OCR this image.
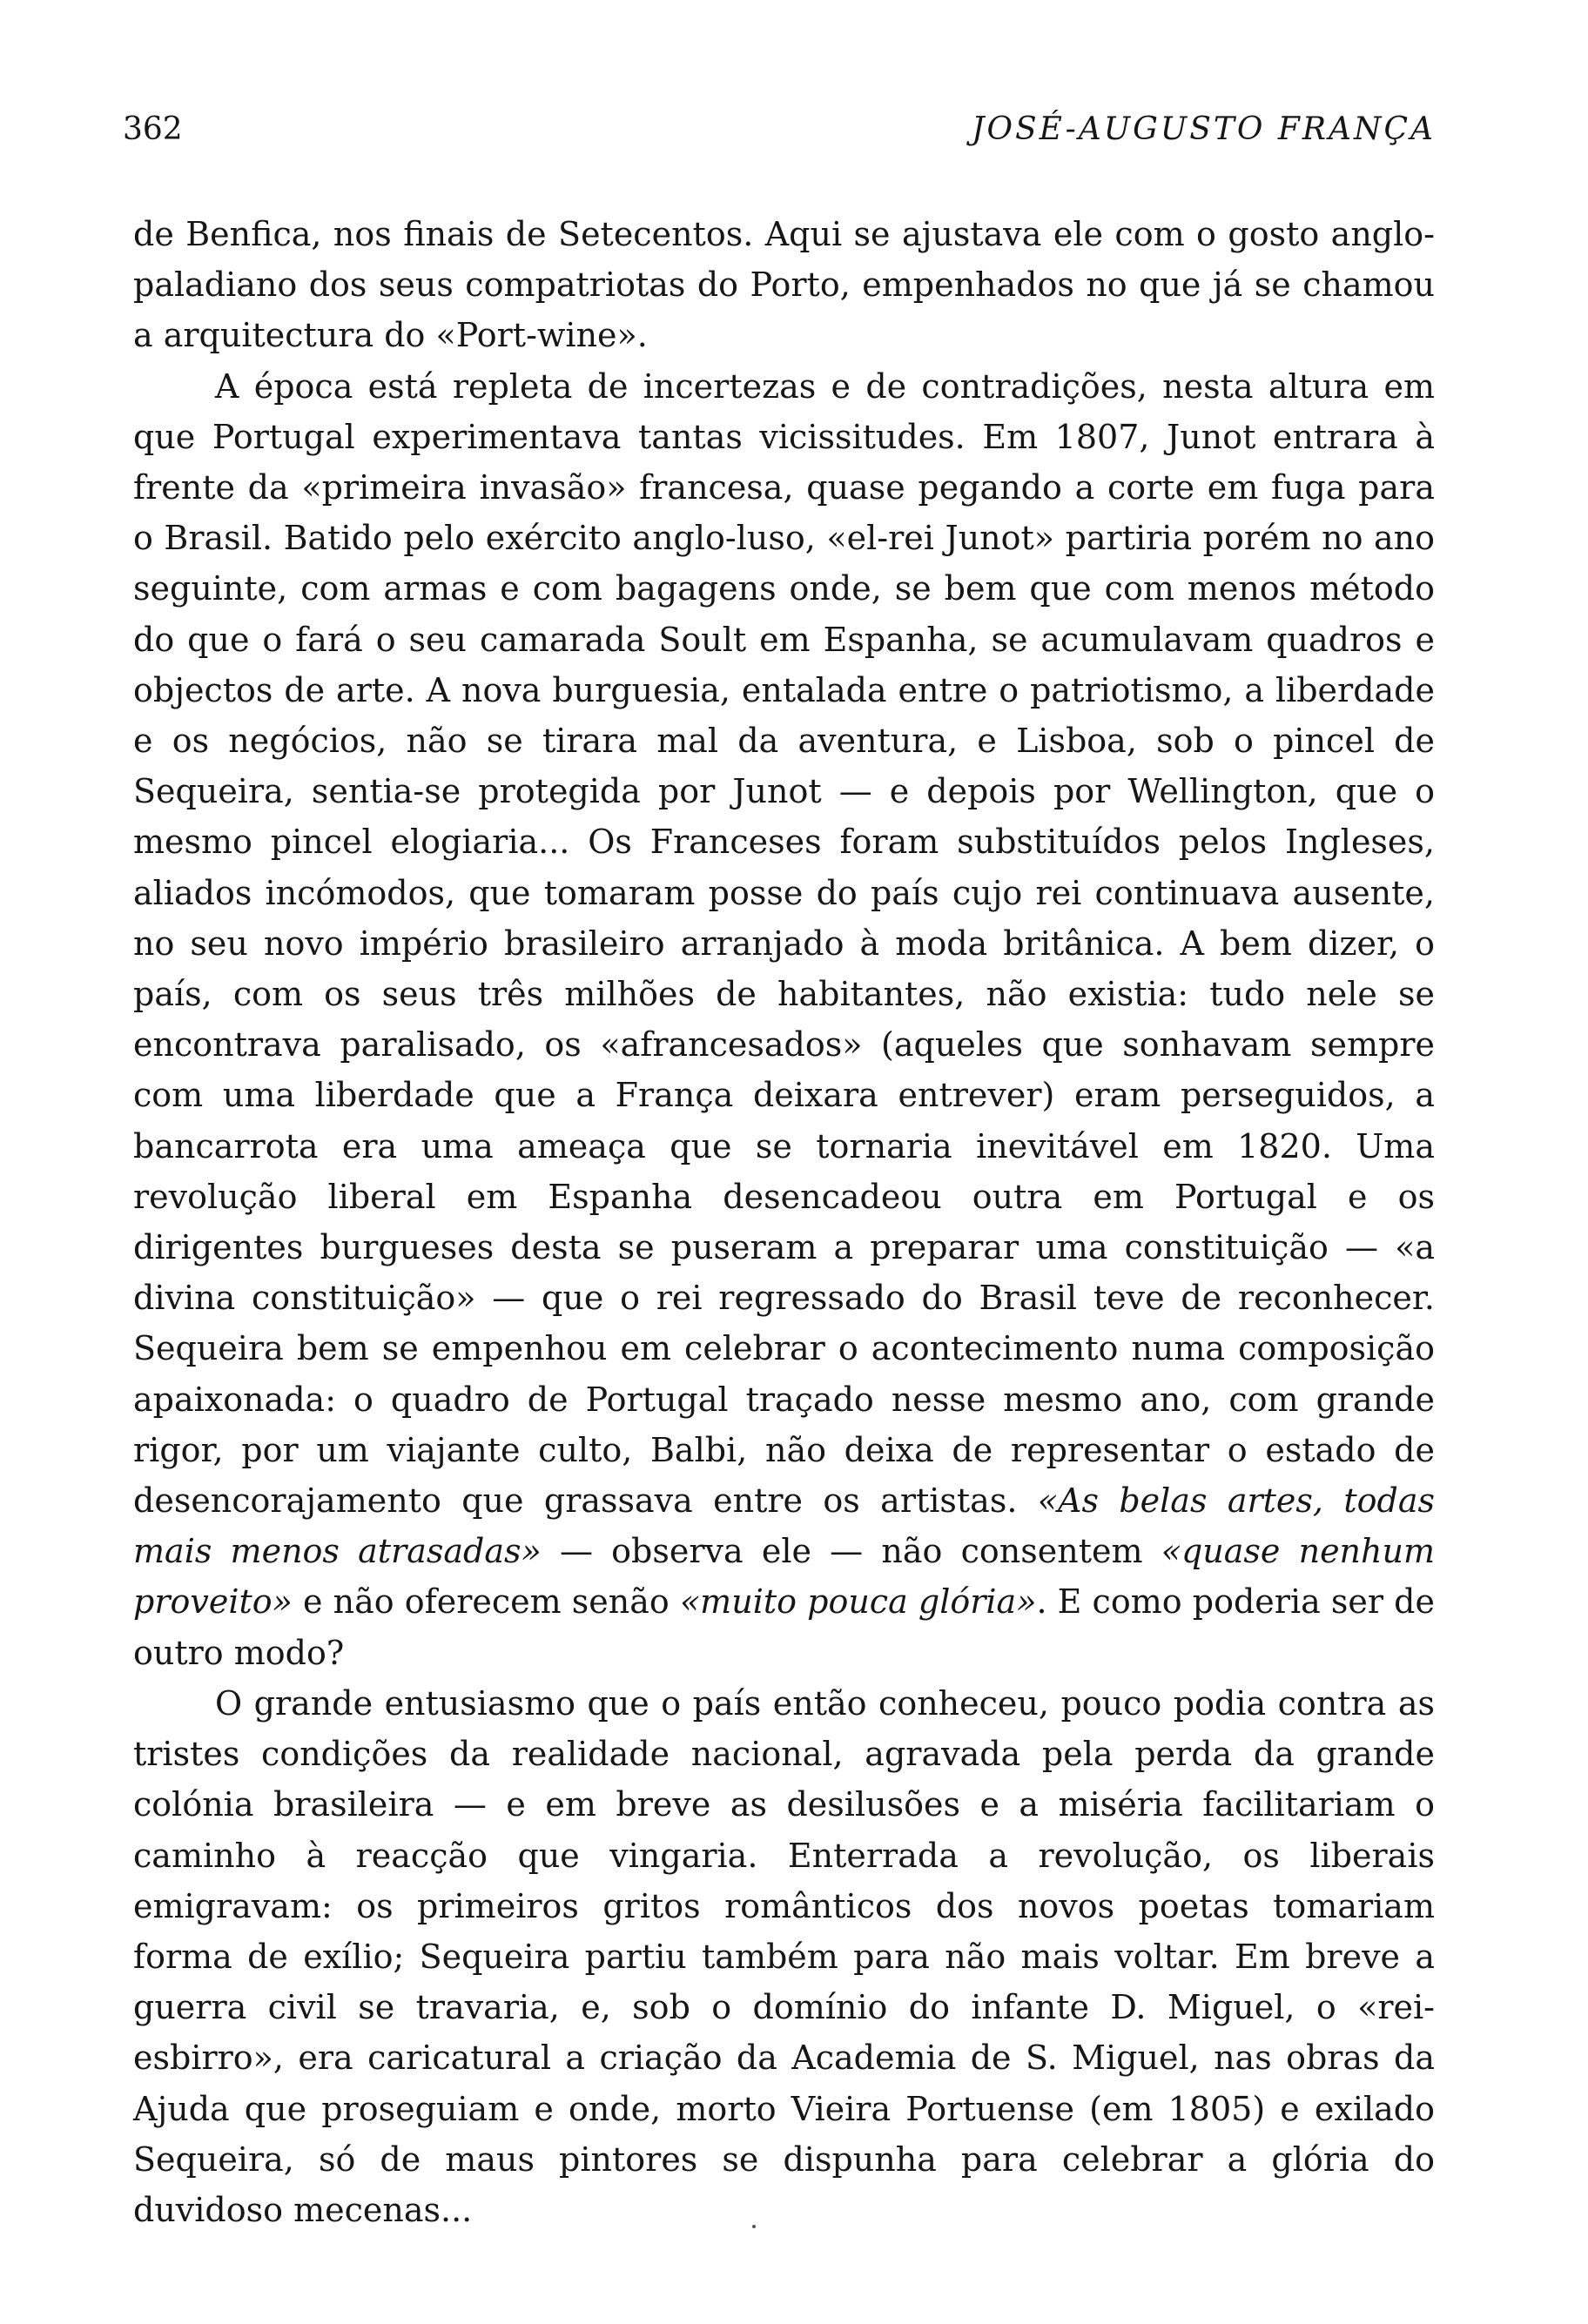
362	JOSÉ-AUGUSTO FRANÇA

de Benfica, nos finais de Setecentos. Aqui se ajustava ele com o gosto anglo-paladiano dos seus compatriotas do Porto, empenhados no que já se chamou a arquitectura do «Port-wine».

A época está repleta de incertezas e de contradições, nesta altura em que Portugal experimentava tantas vicissitudes. Em 1807, Junot entrara à frente da «primeira invasão» francesa, quase pegando a corte em fuga para o Brasil. Batido pelo exército anglo-luso, «el-rei Junot» partiria porém no ano seguinte, com armas e com bagagens onde, se bem que com menos método do que o fará o seu camarada Soult em Espanha, se acumulavam quadros e objectos de arte. A nova burguesia, entalada entre o patriotismo, a liberdade e os negócios, não se tirara mal da aventura, e Lisboa, sob o pincel de Sequeira, sentia-se protegida por Junot — e depois por Wellington, que o mesmo pincel elogiaria... Os Franceses foram substituídos pelos Ingleses, aliados incómodos, que tomaram posse do país cujo rei continuava ausente, no seu novo império brasileiro arranjado à moda britânica. A bem dizer, o país, com os seus três milhões de habitantes, não existia: tudo nele se encontrava paralisado, os «afrancesados» (aqueles que sonhavam sempre com uma liberdade que a França deixara entrever) eram perseguidos, a bancarrota era uma ameaça que se tornaria inevitável em 1820. Uma revolução liberal em Espanha desencadeou outra em Portugal e os dirigentes burgueses desta se puseram a preparar uma constituição — «a divina constituição» — que o rei regressado do Brasil teve de reconhecer. Sequeira bem se empenhou em celebrar o acontecimento numa composição apaixonada: o quadro de Portugal traçado nesse mesmo ano, com grande rigor, por um viajante culto, Balbi, não deixa de representar o estado de desencorajamento que grassava entre os artistas. «As belas artes, todas mais menos atrasadas» — observa ele — não consentem «quase nenhum proveito» e não oferecem senão «muito pouca glória». E como poderia ser de outro modo?

O grande entusiasmo que o país então conheceu, pouco podia contra as tristes condições da realidade nacional, agravada pela perda da grande colónia brasileira — e em breve as desilusões e a miséria facilitariam o caminho à reacção que vingaria. Enterrada a revolução, os liberais emigravam: os primeiros gritos românticos dos novos poetas tomariam forma de exílio; Sequeira partiu também para não mais voltar. Em breve a guerra civil se travaria, e, sob o domínio do infante D. Miguel, o «rei-esbirro», era caricatural a criação da Academia de S. Miguel, nas obras da Ajuda que proseguiam e onde, morto Vieira Portuense (em 1805) e exilado Sequeira, só de maus pintores se dispunha para celebrar a glória do duvidoso mecenas...
